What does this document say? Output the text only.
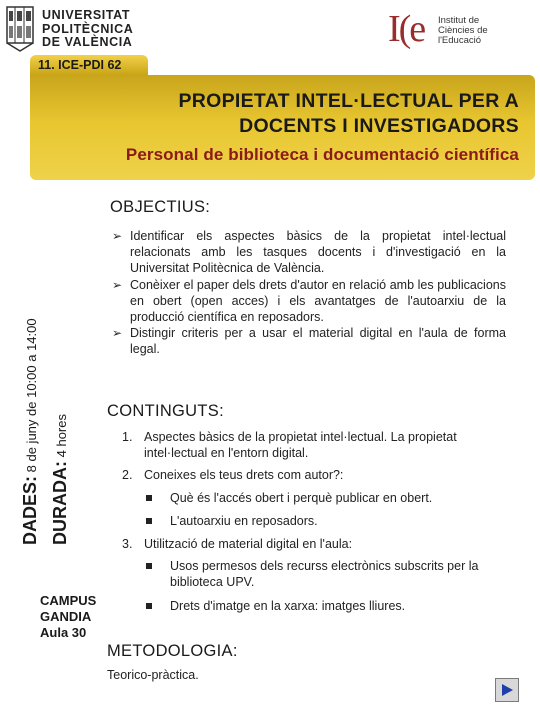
UNIVERSITAT
POLITÈCNICA
DE VALÈNCIA	I(e Institut de
Ciències de
l'Educació
11. ICE-PDI 62
PROPIETAT INTEL·LECTUAL PER A DOCENTS I INVESTIGADORS
Personal de biblioteca i documentació científica
DADES: 8 de juny de 10:00 a 14:00
DURADA: 4 hores
CAMPUS
GANDIA
Aula 30
OBJECTIUS:
➢ Identificar els aspectes bàsics de la propietat intel·lectual relacionats amb les tasques docents i d'investigació en la Universitat Politècnica de València.
➢ Conèixer el paper dels drets d'autor en relació amb les publicacions en obert (open acces) i els avantatges de l'autoarxiu de la producció científica en reposadors.
➢ Distingir criteris per a usar el material digital en l'aula de forma legal.
CONTINGUTS:
1. Aspectes bàsics de la propietat intel·lectual. La propietat intel·lectual en l'entorn digital.
2. Coneixes els teus drets com autor?:
Què és l'accés obert i perquè publicar en obert.
L'autoarxiu en reposadors.
3. Utilització de material digital en l'aula:
Usos permesos dels recurss electrònics subscrits per la biblioteca UPV.
Drets d'imatge en la xarxa: imatges lliures.
METODOLOGIA:
Teorico-pràctica.
